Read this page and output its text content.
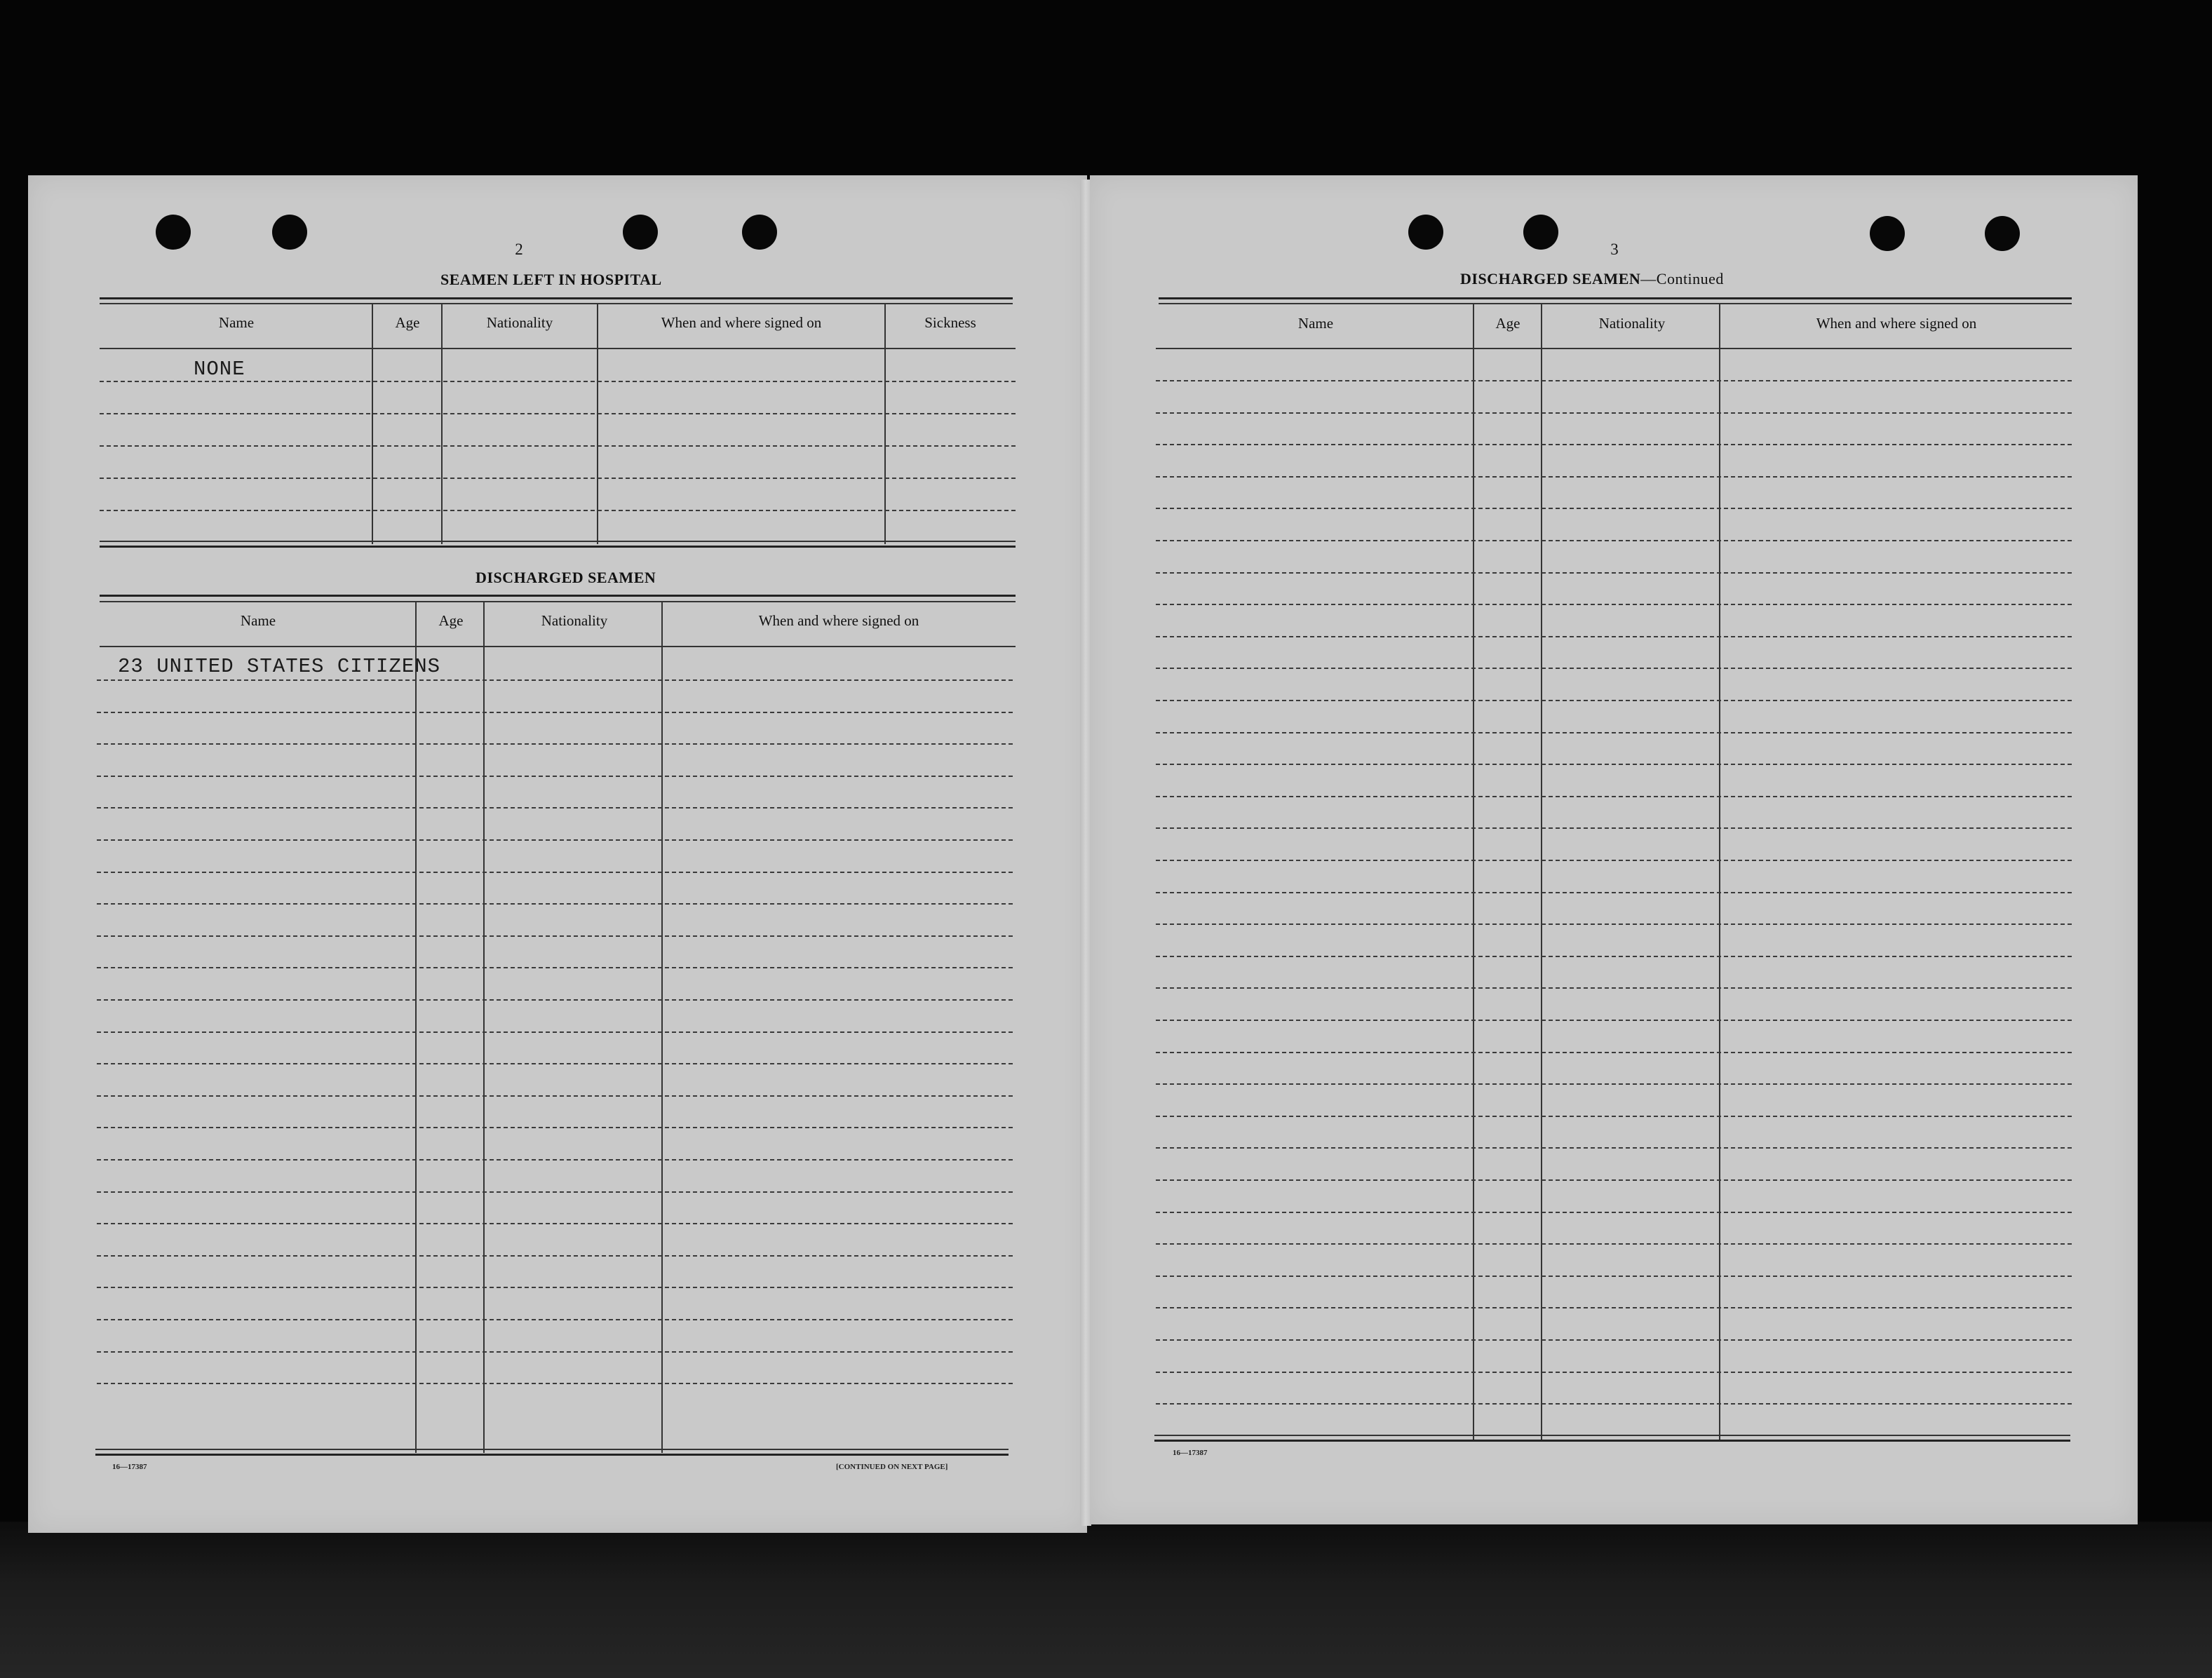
2
SEAMEN LEFT IN HOSPITAL
Name	Age	Nationality	When and where signed on	Sickness
NONE
DISCHARGED SEAMEN
Name	Age	Nationality	When and where signed on
23 UNITED STATES CITIZENS
16—17387	[CONTINUED ON NEXT PAGE]
3
DISCHARGED SEAMEN—Continued
Name	Age	Nationality	When and where signed on
16—17387
